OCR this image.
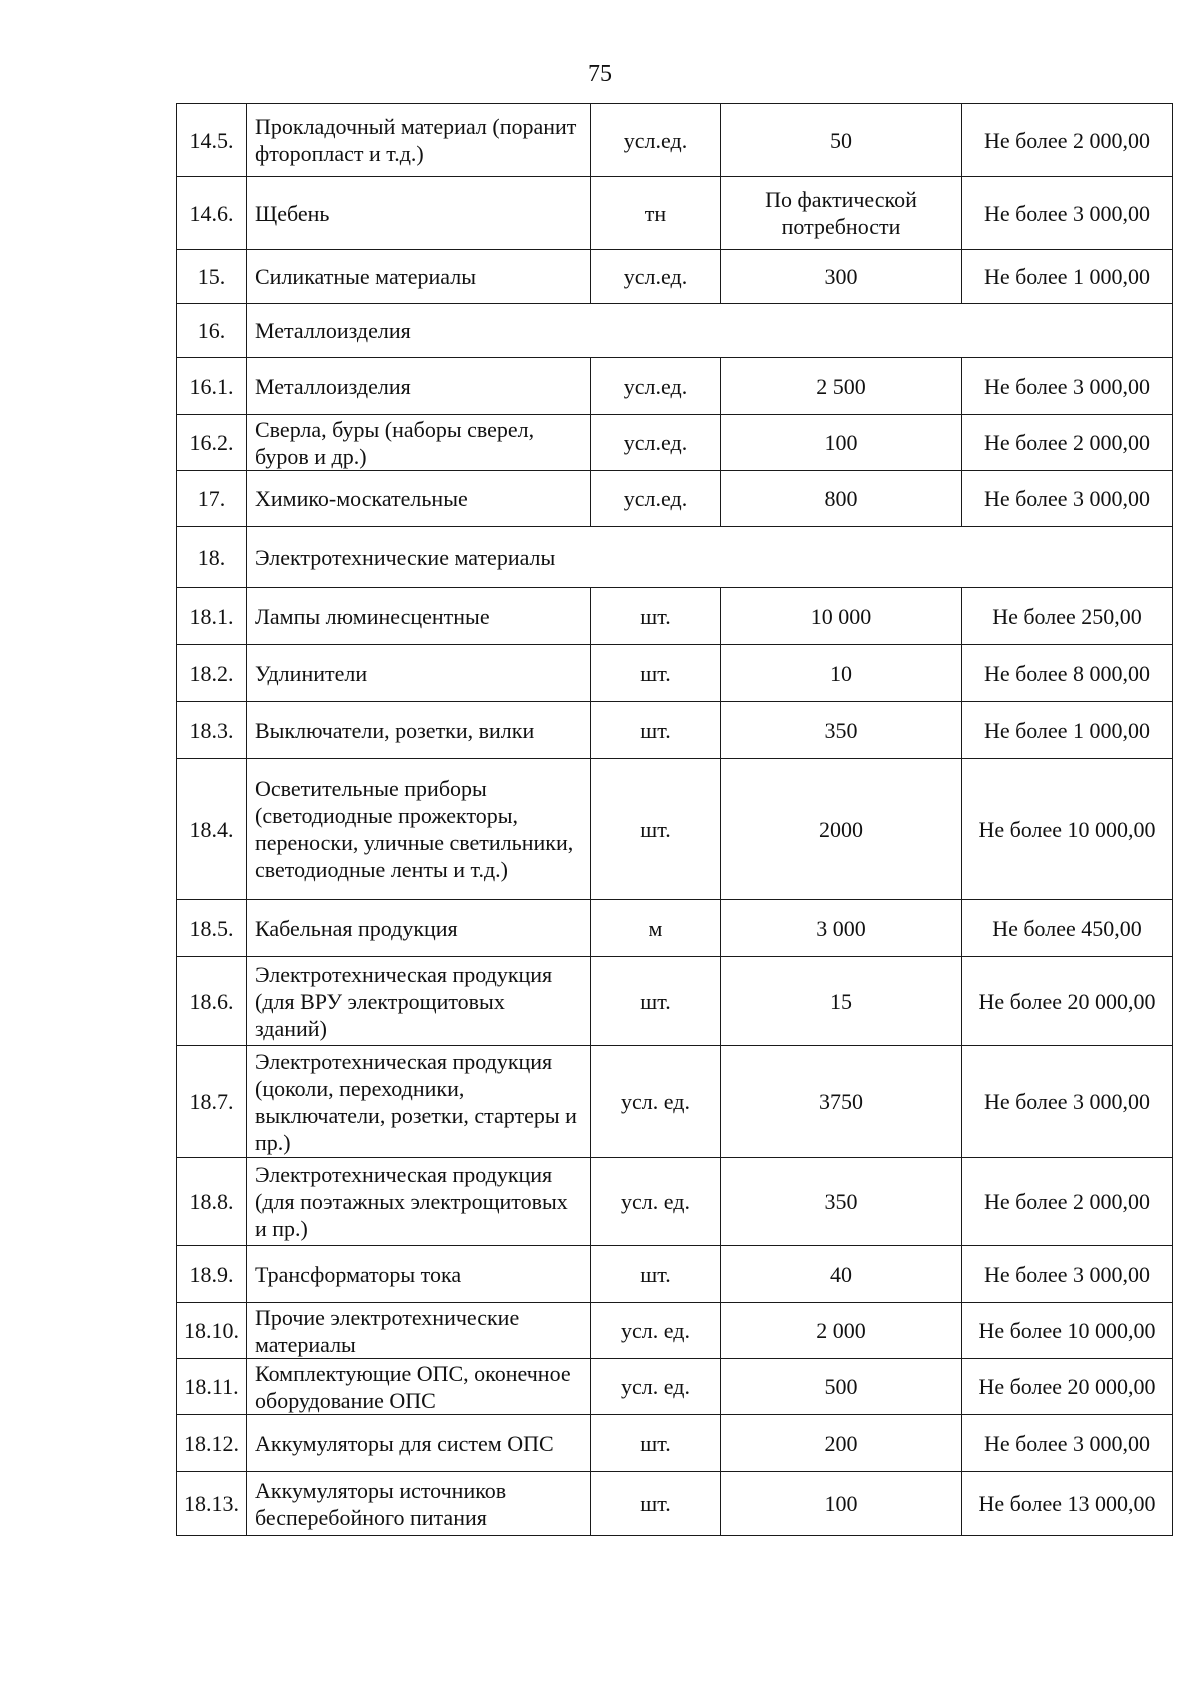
75
14.5.	Прокладочный материал (поранит фторопласт и т.д.)	усл.ед.	50	Не более 2 000,00
14.6.	Щебень	тн	По фактической потребности	Не более 3 000,00
15.	Силикатные материалы	усл.ед.	300	Не более 1 000,00
16.	Металлоизделия			
16.1.	Металлоизделия	усл.ед.	2 500	Не более 3 000,00
16.2.	Сверла, буры (наборы сверел, буров и др.)	усл.ед.	100	Не более 2 000,00
17.	Химико-москательные	усл.ед.	800	Не более 3 000,00
18.	Электротехнические материалы			
18.1.	Лампы люминесцентные	шт.	10 000	Не более 250,00
18.2.	Удлинители	шт.	10	Не более 8 000,00
18.3.	Выключатели, розетки, вилки	шт.	350	Не более 1 000,00
18.4.	Осветительные приборы (светодиодные прожекторы, переноски, уличные светильники, светодиодные ленты и т.д.)	шт.	2000	Не более 10 000,00
18.5.	Кабельная продукция	м	3 000	Не более 450,00
18.6.	Электротехническая продукция (для ВРУ электрощитовых зданий)	шт.	15	Не более 20 000,00
18.7.	Электротехническая продукция (цоколи, переходники, выключатели, розетки, стартеры и пр.)	усл. ед.	3750	Не более 3 000,00
18.8.	Электротехническая продукция (для поэтажных электрощитовых и пр.)	усл. ед.	350	Не более 2 000,00
18.9.	Трансформаторы тока	шт.	40	Не более 3 000,00
18.10.	Прочие электротехнические материалы	усл. ед.	2 000	Не более 10 000,00
18.11.	Комплектующие ОПС, оконечное оборудование ОПС	усл. ед.	500	Не более 20 000,00
18.12.	Аккумуляторы для систем ОПС	шт.	200	Не более 3 000,00
18.13.	Аккумуляторы источников бесперебойного питания	шт.	100	Не более 13 000,00
